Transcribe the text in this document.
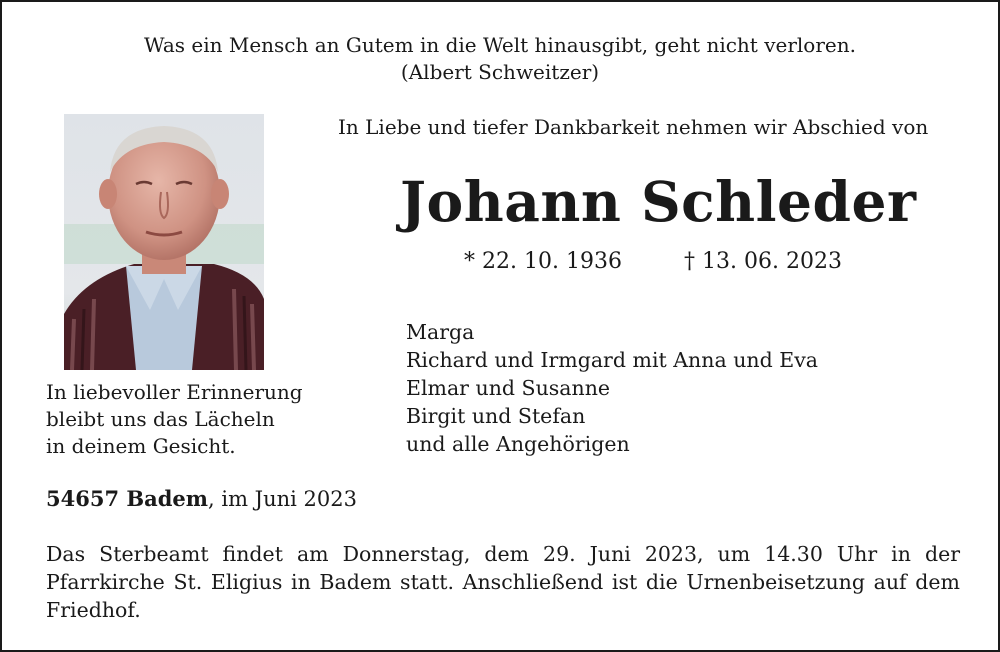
Was ein Mensch an Gutem in die Welt hinausgibt, geht nicht verloren.
(Albert Schweitzer)
In Liebe und tiefer Dankbarkeit nehmen wir Abschied von
Johann Schleder
* 22. 10. 1936	† 13. 06. 2023
In liebevoller Erinnerung
bleibt uns das Lächeln
in deinem Gesicht.
Marga
Richard und Irmgard mit Anna und Eva
Elmar und Susanne
Birgit und Stefan
und alle Angehörigen
54657 Badem, im Juni 2023
Das Sterbeamt findet am Donnerstag, dem 29. Juni 2023, um 14.30 Uhr in der Pfarrkirche St. Eligius in Badem statt. Anschließend ist die Urnenbeisetzung auf dem Friedhof.
